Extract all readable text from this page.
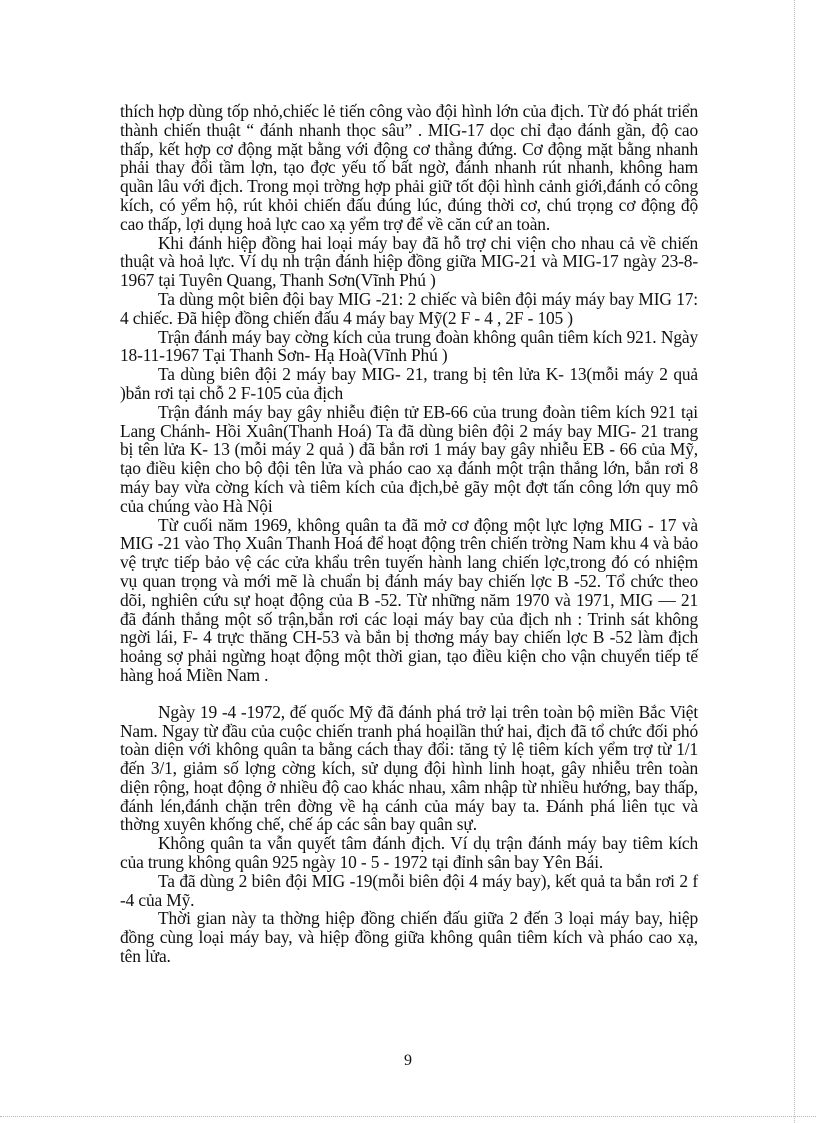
thích hợp dùng tốp nhỏ,chiếc lẻ tiến công vào đội hình lớn của địch. Từ đó phát triển thành chiến thuật “ đánh nhanh thọc sâu” . MIG-17 dọc chỉ đạo đánh gần, độ cao thấp, kết hợp cơ động mặt bằng với động cơ thẳng đứng. Cơ động mặt bằng nhanh phải thay đổi tầm lợn, tạo đợc yếu tố bất ngờ, đánh nhanh rút nhanh, không ham quần lâu với địch. Trong mọi trờng hợp phải giữ tốt đội hình cảnh giới,đánh có công kích, có yểm hộ, rút khỏi chiến đấu đúng lúc, đúng thời cơ, chú trọng cơ động độ cao thấp, lợi dụng hoả lực cao xạ yểm trợ để về căn cứ an toàn.

Khi đánh hiệp đồng hai loại máy bay đã hỗ trợ chi viện cho nhau cả về chiến thuật và hoả lực. Ví dụ nh trận đánh hiệp đồng giữa MIG-21 và MIG-17 ngày 23-8-1967 tại Tuyên Quang, Thanh Sơn(Vĩnh Phú )

Ta dùng một biên đội bay MIG -21: 2 chiếc và biên đội máy máy bay MIG 17: 4 chiếc. Đã hiệp đồng chiến đấu 4 máy bay Mỹ(2 F - 4 , 2F - 105 )

Trận đánh máy bay cờng kích của trung đoàn không quân tiêm kích 921. Ngày 18-11-1967 Tại Thanh Sơn- Hạ Hoà(Vĩnh Phú )

Ta dùng biên đội 2 máy bay MIG- 21, trang bị tên lửa K- 13(mỗi máy 2 quả )bắn rơi tại chỗ 2 F-105 của địch

Trận đánh máy bay gây nhiễu điện tử EB-66 của trung đoàn tiêm kích 921 tại Lang Chánh- Hồi Xuân(Thanh Hoá) Ta đã dùng biên đội 2 máy bay MIG- 21 trang bị tên lửa K- 13 (mỗi máy 2 quả ) đã bắn rơi 1 máy bay gây nhiễu EB - 66 của Mỹ, tạo điều kiện cho bộ đội tên lửa và pháo cao xạ đánh một trận thắng lớn, bắn rơi 8 máy bay vừa cờng kích và tiêm kích của địch,bẻ gãy một đợt tấn công lớn quy mô của chúng vào Hà Nội

Từ cuối năm 1969, không quân ta đã mở cơ động một lực lợng MIG - 17 và MIG -21 vào Thọ Xuân Thanh Hoá để hoạt động trên chiến trờng Nam khu 4 và bảo vệ trực tiếp bảo vệ các cửa khẩu trên tuyến hành lang chiến lợc,trong đó có nhiệm vụ quan trọng và mới mẽ là chuẩn bị đánh máy bay chiến lợc B -52. Tổ chức theo dõi, nghiên cứu sự hoạt động của B -52. Từ những năm 1970 và 1971, MIG — 21 đã đánh thắng một số trận,bắn rơi các loại máy bay của địch nh : Trinh sát không ngời lái, F- 4 trực thăng CH-53 và bắn bị thơng máy bay chiến lợc B -52 làm địch hoảng sợ phải ngừng hoạt động một thời gian, tạo điều kiện cho vận chuyển tiếp tế hàng hoá Miền Nam .

Ngày 19 -4 -1972, đế quốc Mỹ đã đánh phá trở lại trên toàn bộ miền Bắc Việt Nam. Ngay từ đầu của cuộc chiến tranh phá hoạilần thứ hai, địch đã tổ chức đối phó toàn diện với không quân ta bằng cách thay đổi: tăng tỷ lệ tiêm kích yểm trợ từ 1/1 đến 3/1, giảm số lợng cờng kích, sử dụng đội hình linh hoạt, gây nhiễu trên toàn diện rộng, hoạt động ở nhiều độ cao khác nhau, xâm nhập từ nhiều hướng, bay thấp, đánh lén,đánh chặn trên đờng về hạ cánh của máy bay ta. Đánh phá liên tục và thờng xuyên khống chế, chế áp các sân bay quân sự.

Không quân ta vẫn quyết tâm đánh địch. Ví dụ trận đánh máy bay tiêm kích của trung không quân 925 ngày 10 - 5 - 1972 tại đỉnh sân bay Yên Bái.

Ta đã dùng 2 biên đội MIG -19(mỗi biên đội 4 máy bay), kết quả ta bắn rơi 2 f -4 của Mỹ.

Thời gian này ta thờng hiệp đồng chiến đấu giữa 2 đến 3 loại máy bay, hiệp đồng cùng loại máy bay, và hiệp đồng giữa không quân tiêm kích và pháo cao xạ, tên lửa.

9
